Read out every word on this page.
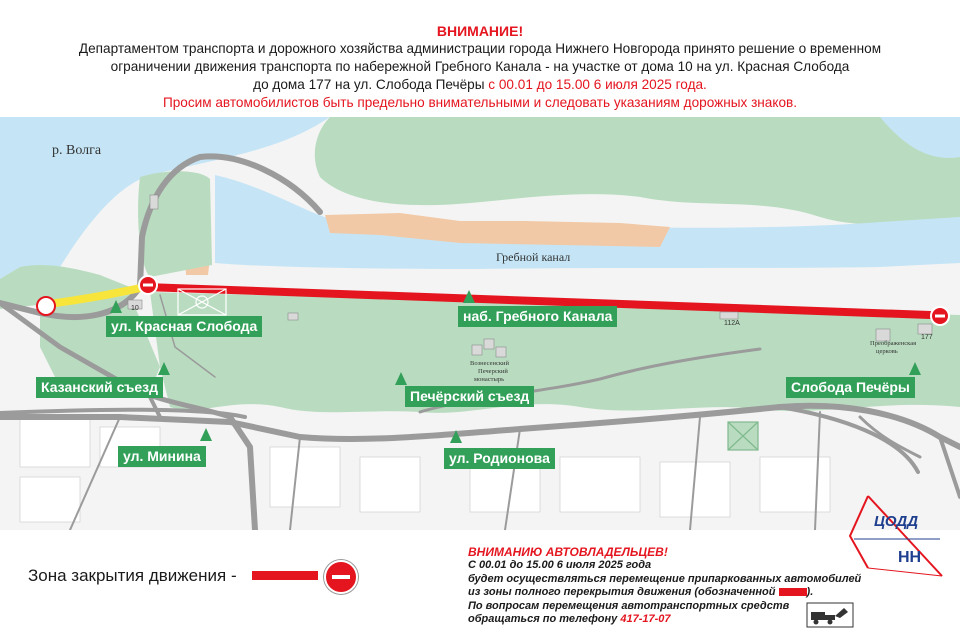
ВНИМАНИЕ!
Департаментом транспорта и дорожного хозяйства администрации города Нижнего Новгорода принято решение о временном
ограничении движения транспорта по набережной Гребного Канала - на участке от дома 10 на ул. Красная Слобода
до дома 177 на ул. Слобода Печёры с 00.01 до 15.00 6 июля 2025 года.
Просим автомобилистов быть предельно внимательными и следовать указаниям дорожных знаков.
р. Волга
Гребной канал
10
112А
177
Вознесенский
Печерский
монастырь
Преображенская
церковь
ул. Красная Слобода
наб. Гребного Канала
Казанский съезд
Печёрский съезд
Слобода Печёры
ул. Минина	ул. Родионова
Зона закрытия движения -
ВНИМАНИЮ АВТОВЛАДЕЛЬЦЕВ!
С 00.01 до 15.00 6 июля 2025 года
будет осуществляться перемещение припаркованных автомобилей
из зоны полного перекрытия движения (обозначенной	).
По вопросам перемещения автотранспортных средств
обращаться по телефону 417-17-07
ЦОДД
НН
